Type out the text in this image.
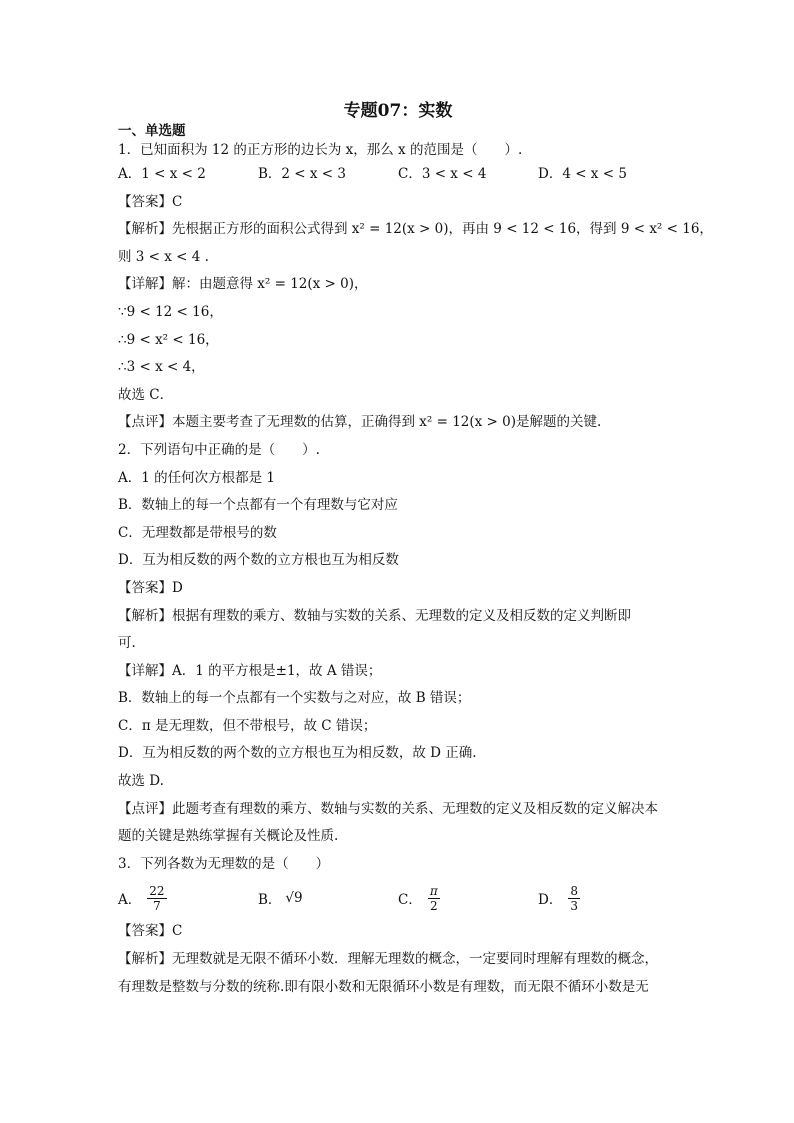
专题07：实数

一、单选题

1．已知面积为 12 的正方形的边长为 x，那么 x 的范围是（　　）.

A．1 < x < 2	B．2 < x < 3	C．3 < x < 4	D．4 < x < 5

【答案】C

【解析】先根据正方形的面积公式得到 x² = 12(x > 0)，再由 9 < 12 < 16，得到 9 < x² < 16，

则 3 < x < 4 .

【详解】解：由题意得 x² = 12(x > 0)，

∵9 < 12 < 16，

∴9 < x² < 16，

∴3 < x < 4，

故选 C．

【点评】本题主要考查了无理数的估算，正确得到 x² = 12(x > 0)是解题的关键.

2．下列语句中正确的是（　　）.

A．1 的任何次方根都是 1

B．数轴上的每一个点都有一个有理数与它对应

C．无理数都是带根号的数

D．互为相反数的两个数的立方根也互为相反数

【答案】D

【解析】根据有理数的乘方、数轴与实数的关系、无理数的定义及相反数的定义判断即

可.

【详解】A．1 的平方根是±1，故 A 错误；

B．数轴上的每一个点都有一个实数与之对应，故 B 错误；

C．π 是无理数，但不带根号，故 C 错误；

D．互为相反数的两个数的立方根也互为相反数，故 D 正确.

故选 D.

【点评】此题考查有理数的乘方、数轴与实数的关系、无理数的定义及相反数的定义解决本

题的关键是熟练掌握有关概论及性质.

3．下列各数为无理数的是（　　）

A． $\frac{22}{7}$	B． √9	C． $\frac{\pi}{2}$	D． $\frac{8}{3}$

【答案】C

【解析】无理数就是无限不循环小数．理解无理数的概念，一定要同时理解有理数的概念，

有理数是整数与分数的统称.即有限小数和无限循环小数是有理数，而无限不循环小数是无
